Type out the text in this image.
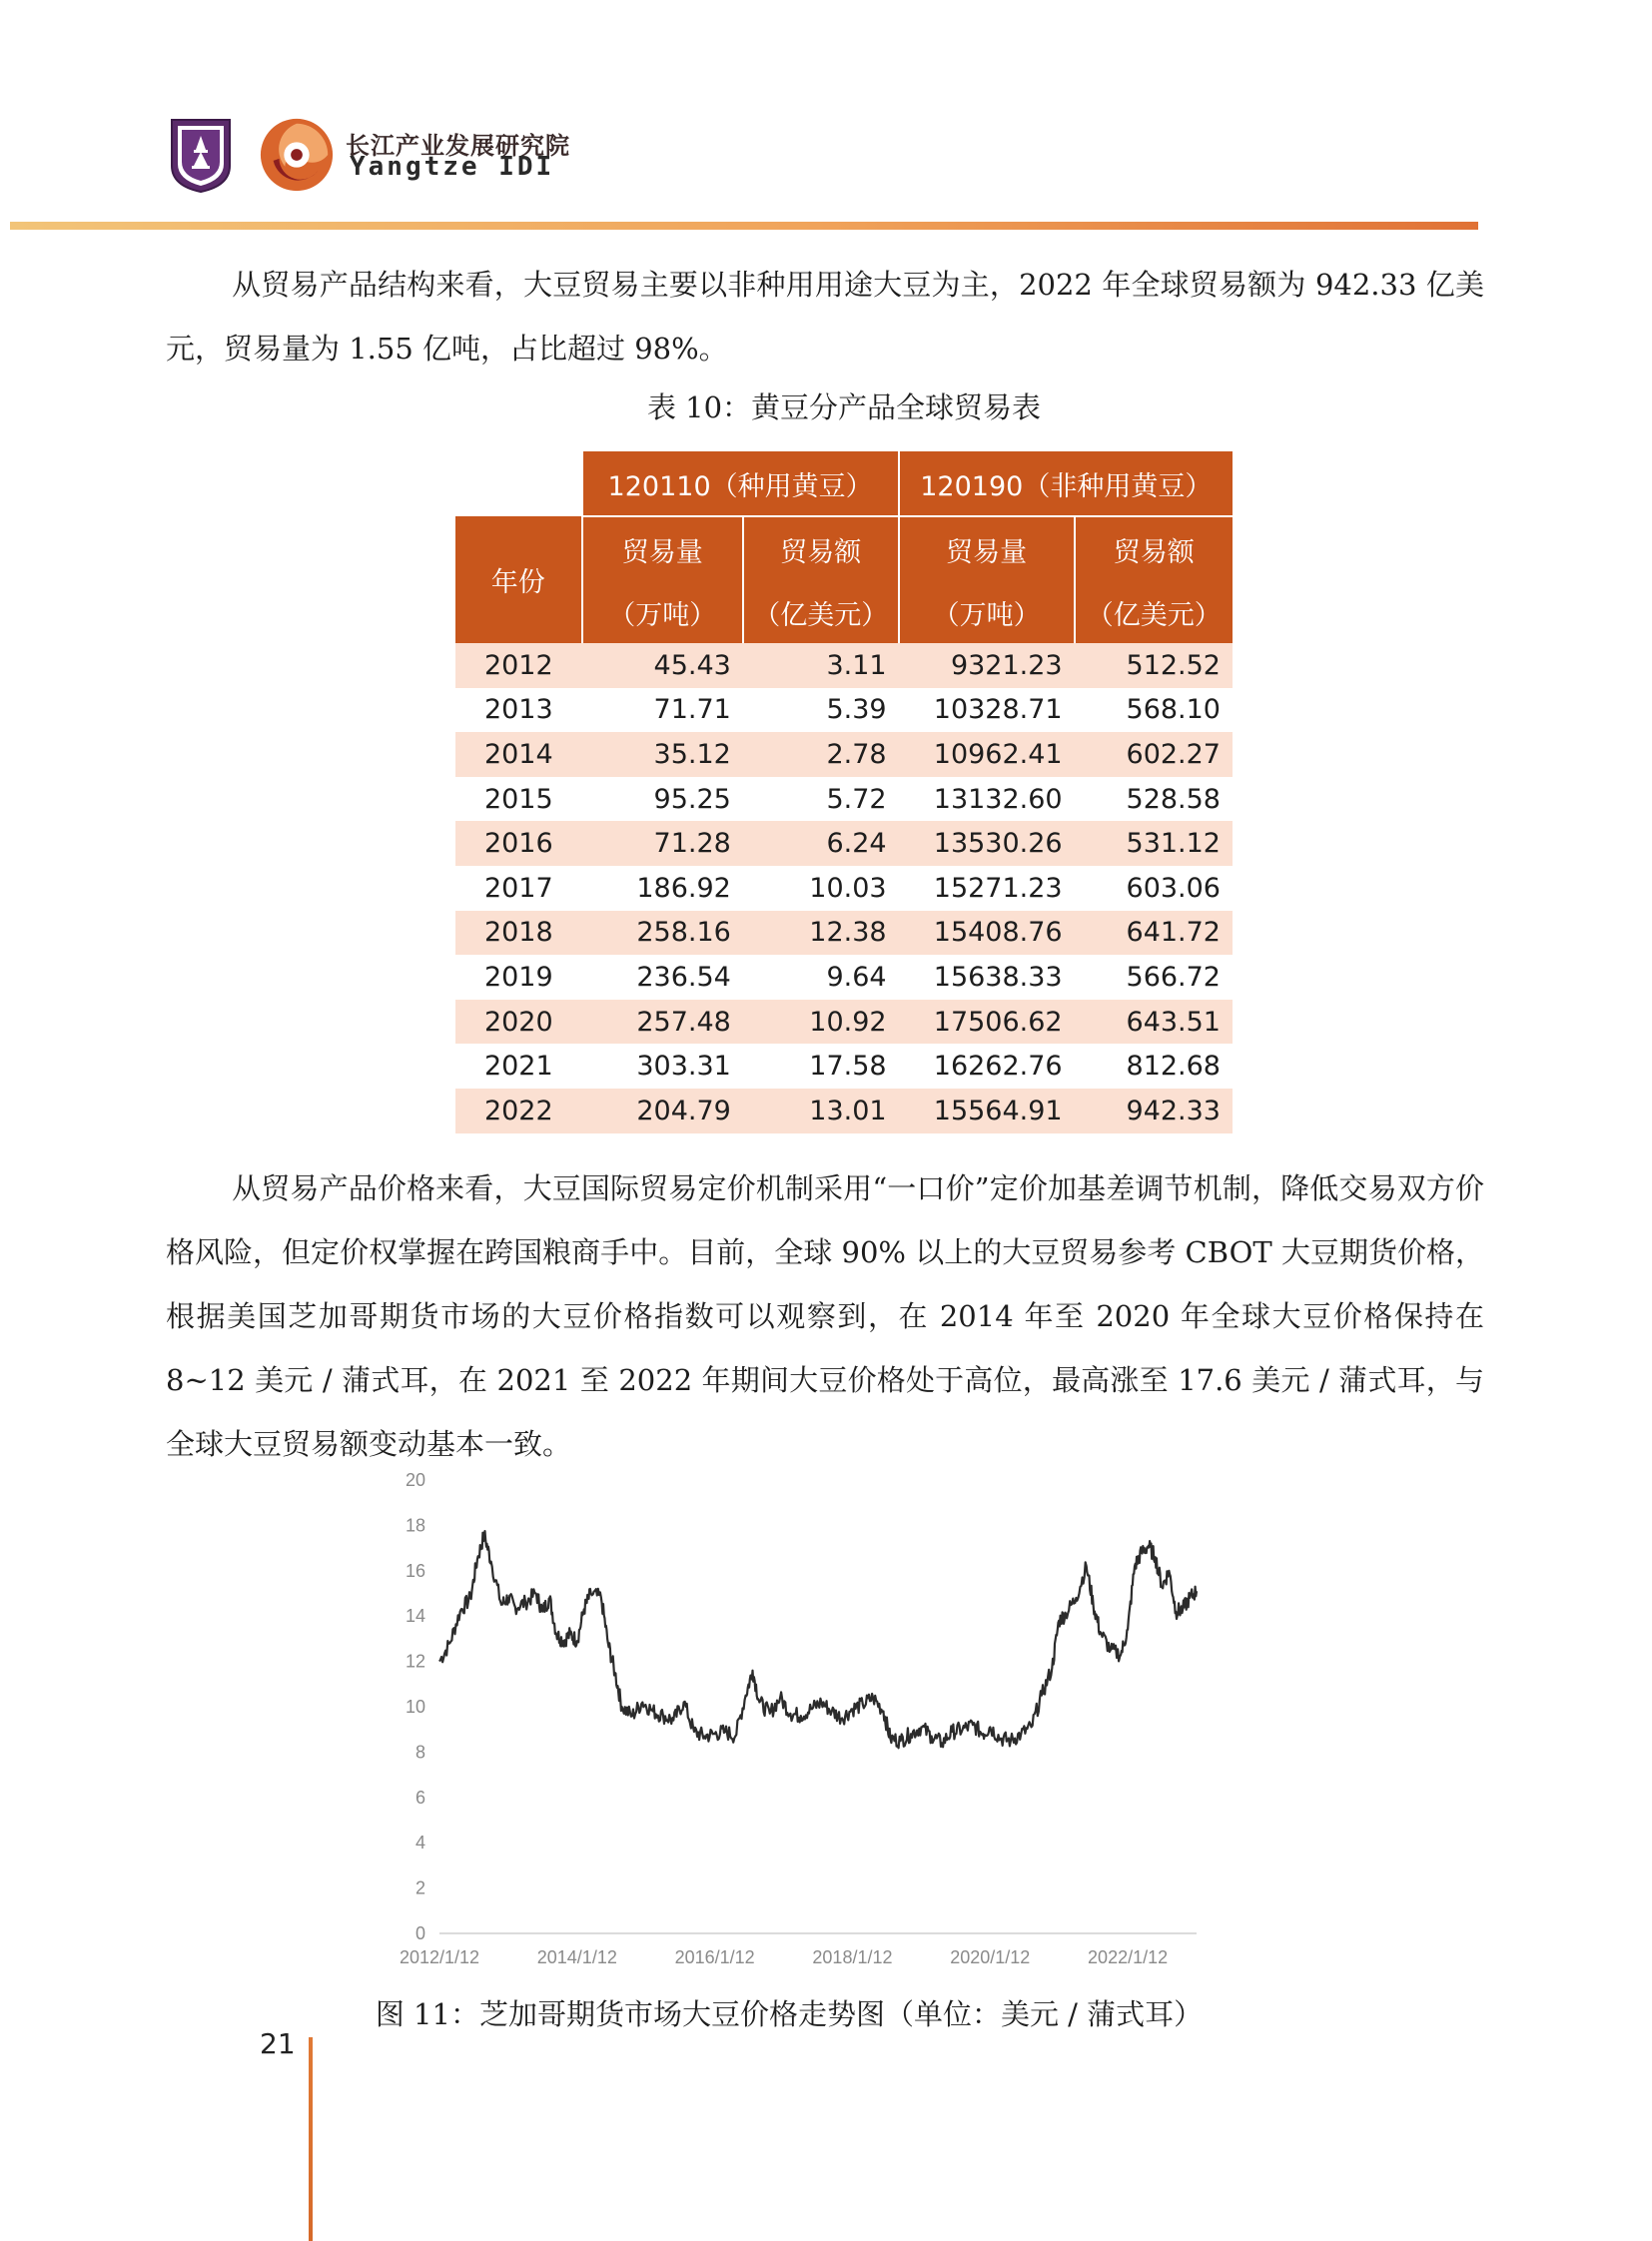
长江产业发展研究院
Yangtze IDI

从贸易产品结构来看，大豆贸易主要以非种用用途大豆为主，2022 年全球贸易额为 942.33 亿美元，贸易量为 1.55 亿吨，占比超过 98%。

表 10：黄豆分产品全球贸易表
	120110（种用黄豆）		120190（非种用黄豆）	
年份	贸易量	贸易额	贸易量	贸易额
	（万吨）	（亿美元）	（万吨）	（亿美元）
2012	45.43	3.11	9321.23	512.52
2013	71.71	5.39	10328.71	568.10
2014	35.12	2.78	10962.41	602.27
2015	95.25	5.72	13132.60	528.58
2016	71.28	6.24	13530.26	531.12
2017	186.92	10.03	15271.23	603.06
2018	258.16	12.38	15408.76	641.72
2019	236.54	9.64	15638.33	566.72
2020	257.48	10.92	17506.62	643.51
2021	303.31	17.58	16262.76	812.68
2022	204.79	13.01	15564.91	942.33

从贸易产品价格来看，大豆国际贸易定价机制采用“一口价”定价加基差调节机制，降低交易双方价格风险，但定价权掌握在跨国粮商手中。目前，全球 90% 以上的大豆贸易参考 CBOT 大豆期货价格，根据美国芝加哥期货市场的大豆价格指数可以观察到，在 2014 年至 2020 年全球大豆价格保持在 8~12 美元 / 蒲式耳，在 2021 至 2022 年期间大豆价格处于高位，最高涨至 17.6 美元 / 蒲式耳，与全球大豆贸易额变动基本一致。

0
2
4
6
8
10
12
14
16
18
20
2012/1/12	2014/1/12	2016/1/12	2018/1/12	2020/1/12	2022/1/12
图 11：芝加哥期货市场大豆价格走势图（单位：美元 / 蒲式耳）
21
